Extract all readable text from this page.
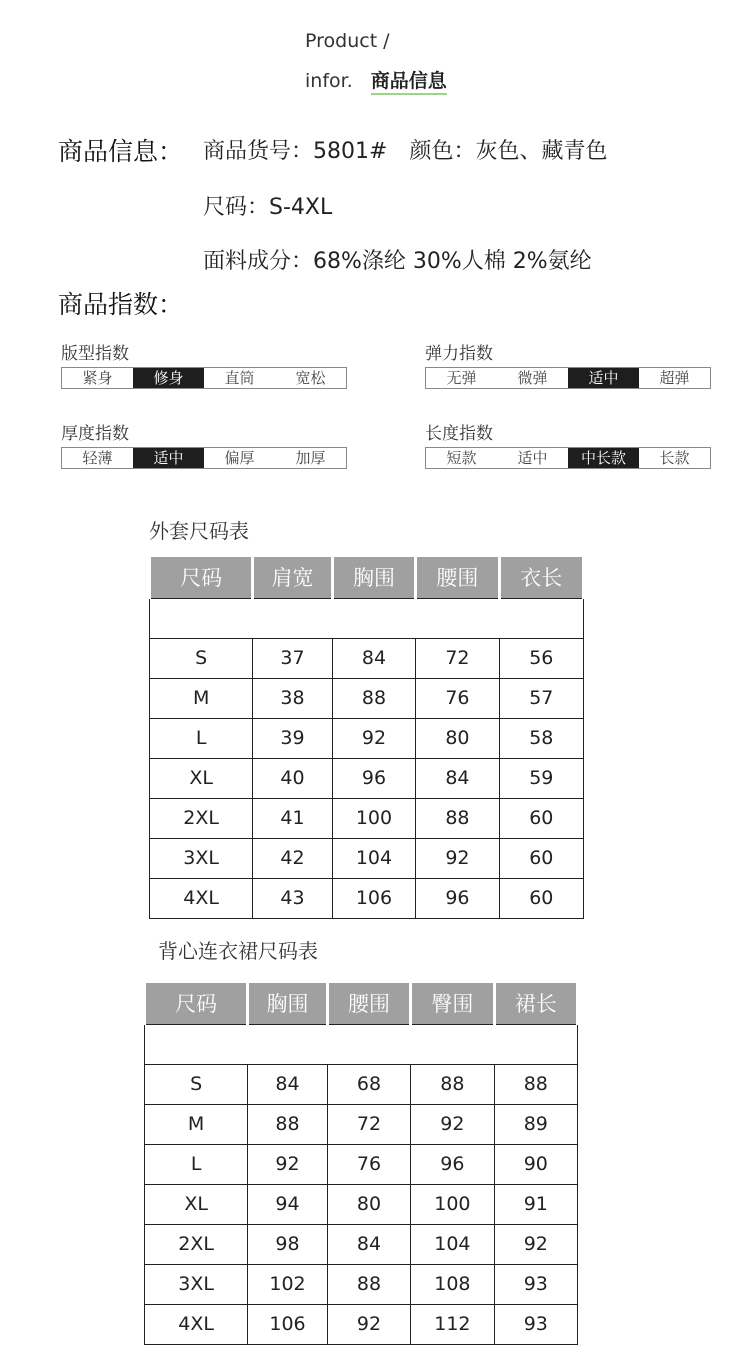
Product /
infor. 商品信息
商品信息： 商品货号：5801# 颜色：灰色、藏青色
尺码：S-4XL
面料成分：68%涤纶 30%人棉 2%氨纶
商品指数：
版型指数
紧身	修身	直筒	宽松
弹力指数
无弹	微弹	适中	超弹
厚度指数
轻薄	适中	偏厚	加厚
长度指数
短款	适中	中长款	长款
外套尺码表
尺码	肩宽	胸围	腰围	衣长

S	37	84	72	56
M	38	88	76	57
L	39	92	80	58
XL	40	96	84	59
2XL	41	100	88	60
3XL	42	104	92	60
4XL	43	106	96	60
背心连衣裙尺码表
尺码	胸围	腰围	臀围	裙长

S	84	68	88	88
M	88	72	92	89
L	92	76	96	90
XL	94	80	100	91
2XL	98	84	104	92
3XL	102	88	108	93
4XL	106	92	112	93
